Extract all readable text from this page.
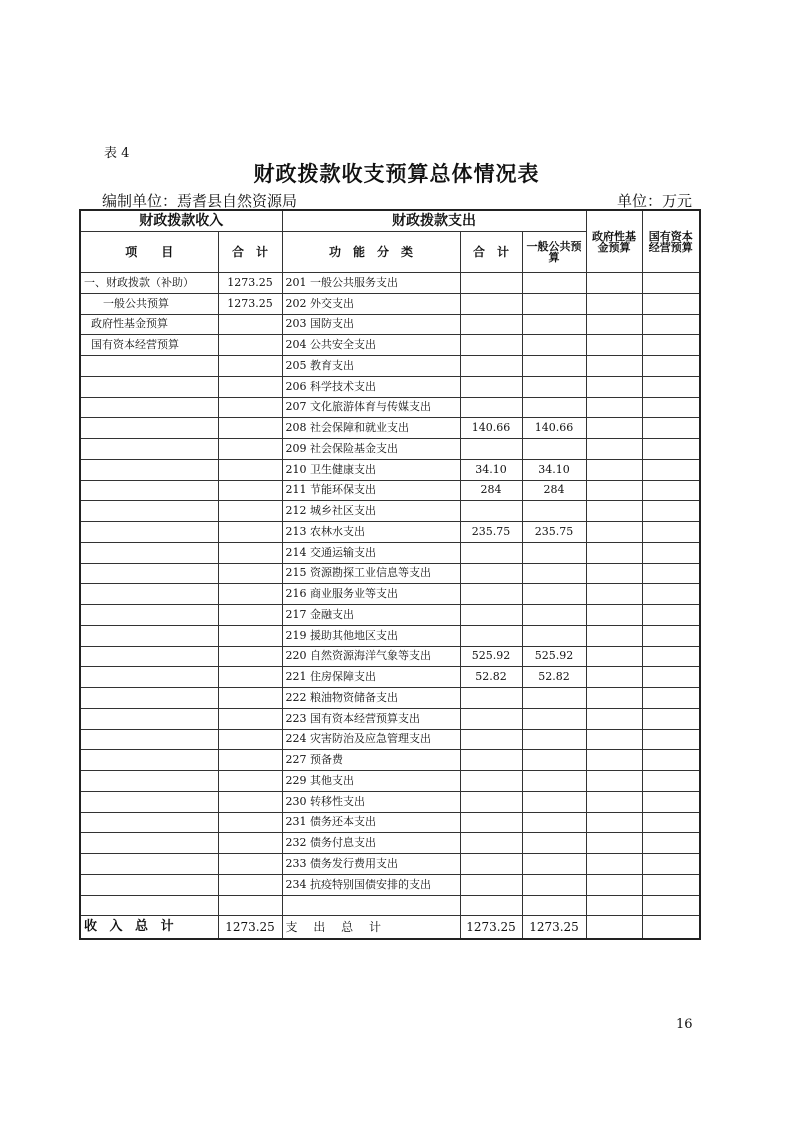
表 4
财政拨款收支预算总体情况表
编制单位：焉耆县自然资源局	单位：万元
财政拨款收入		财政拨款支出			政府性基金预算	国有资本经营预算
项　　目	合　计	功　能　分　类	合　计	一般公共预算		
一、财政拨款（补助）	1273.25	201 一般公共服务支出				
一般公共预算	1273.25	202 外交支出				
政府性基金预算		203 国防支出				
国有资本经营预算		204 公共安全支出				
		205 教育支出				
		206 科学技术支出				
		207 文化旅游体育与传媒支出				
		208 社会保障和就业支出	140.66	140.66		
		209 社会保险基金支出				
		210 卫生健康支出	34.10	34.10		
		211 节能环保支出	284	284		
		212 城乡社区支出				
		213 农林水支出	235.75	235.75		
		214 交通运输支出				
		215 资源勘探工业信息等支出				
		216 商业服务业等支出				
		217 金融支出				
		219 援助其他地区支出				
		220 自然资源海洋气象等支出	525.92	525.92		
		221 住房保障支出	52.82	52.82		
		222 粮油物资储备支出				
		223 国有资本经营预算支出				
		224 灾害防治及应急管理支出				
		227 预备费				
		229 其他支出				
		230 转移性支出				
		231 债务还本支出				
		232 债务付息支出				
		233 债务发行费用支出				
		234 抗疫特别国债安排的支出				

收 入 总 计	1273.25	支 出 总 计	1273.25	1273.25		
16
